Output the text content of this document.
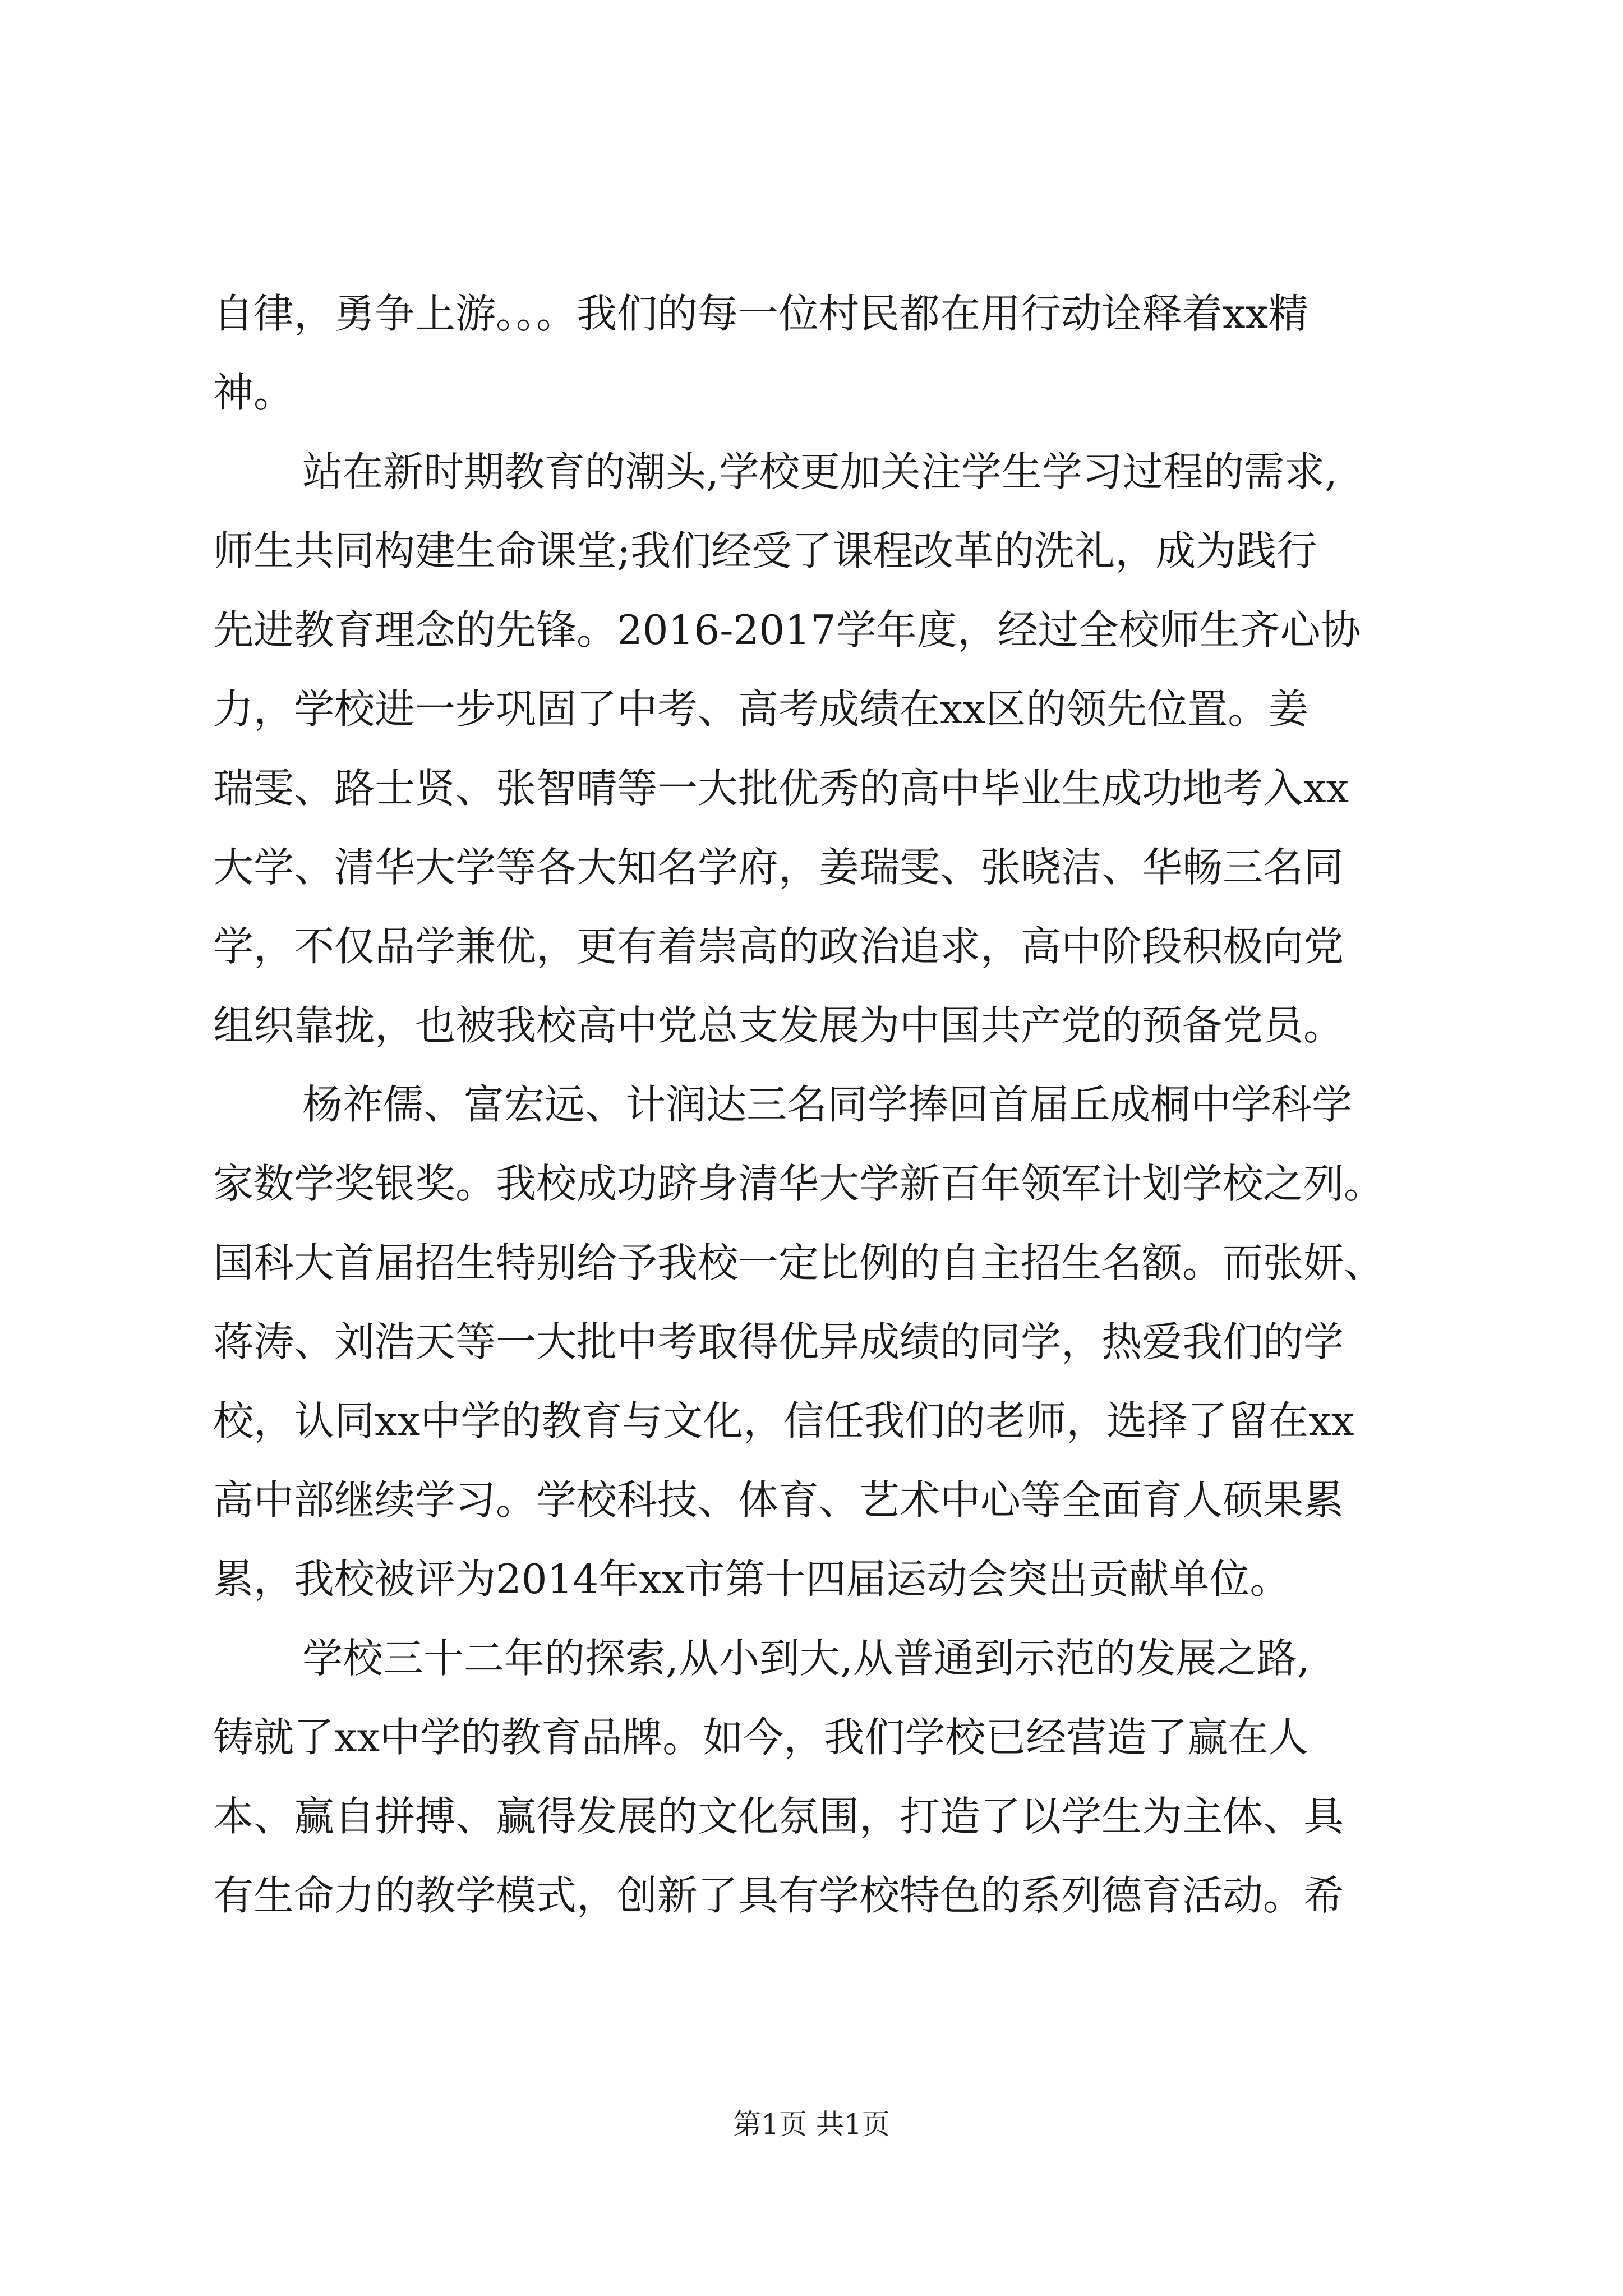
自律，勇争上游。。。我们的每一位村民都在用行动诠释着xx精
神。
站在新时期教育的潮头,学校更加关注学生学习过程的需求,
师生共同构建生命课堂;我们经受了课程改革的洗礼，成为践行
先进教育理念的先锋。2016-2017学年度，经过全校师生齐心协
力，学校进一步巩固了中考、高考成绩在xx区的领先位置。姜
瑞雯、路士贤、张智晴等一大批优秀的高中毕业生成功地考入xx
大学、清华大学等各大知名学府，姜瑞雯、张晓洁、华畅三名同
学，不仅品学兼优，更有着崇高的政治追求，高中阶段积极向党
组织靠拢，也被我校高中党总支发展为中国共产党的预备党员。
杨祚儒、富宏远、计润达三名同学捧回首届丘成桐中学科学
家数学奖银奖。我校成功跻身清华大学新百年领军计划学校之列。
国科大首届招生特别给予我校一定比例的自主招生名额。而张妍、
蒋涛、刘浩天等一大批中考取得优异成绩的同学，热爱我们的学
校，认同xx中学的教育与文化，信任我们的老师，选择了留在xx
高中部继续学习。学校科技、体育、艺术中心等全面育人硕果累
累，我校被评为2014年xx市第十四届运动会突出贡献单位。
学校三十二年的探索,从小到大,从普通到示范的发展之路,
铸就了xx中学的教育品牌。如今，我们学校已经营造了赢在人
本、赢自拼搏、赢得发展的文化氛围，打造了以学生为主体、具
有生命力的教学模式，创新了具有学校特色的系列德育活动。希
第1页 共1页
